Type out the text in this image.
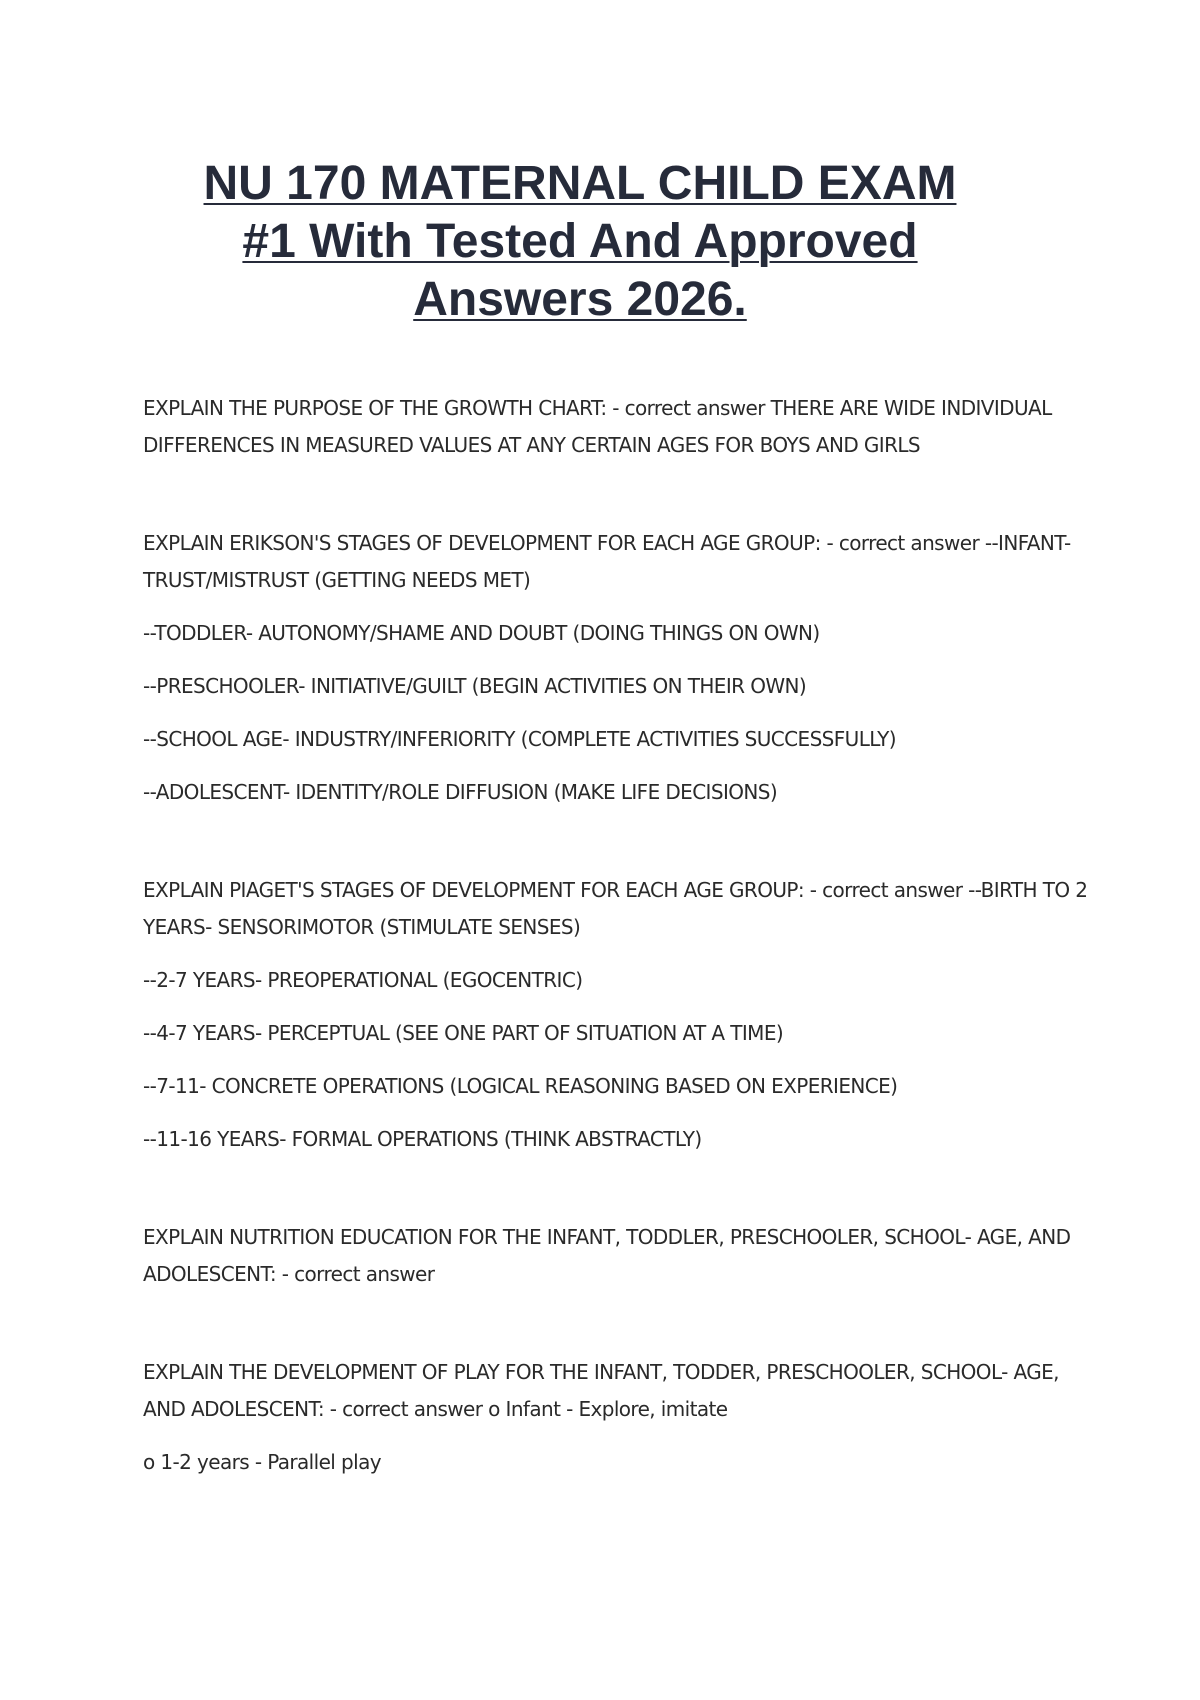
NU 170 MATERNAL CHILD EXAM #1 With Tested And Approved Answers 2026.

EXPLAIN THE PURPOSE OF THE GROWTH CHART: - correct answer THERE ARE WIDE INDIVIDUAL DIFFERENCES IN MEASURED VALUES AT ANY CERTAIN AGES FOR BOYS AND GIRLS

EXPLAIN ERIKSON'S STAGES OF DEVELOPMENT FOR EACH AGE GROUP: - correct answer --INFANT- TRUST/MISTRUST (GETTING NEEDS MET)

--TODDLER- AUTONOMY/SHAME AND DOUBT (DOING THINGS ON OWN)

--PRESCHOOLER- INITIATIVE/GUILT (BEGIN ACTIVITIES ON THEIR OWN)

--SCHOOL AGE- INDUSTRY/INFERIORITY (COMPLETE ACTIVITIES SUCCESSFULLY)

--ADOLESCENT- IDENTITY/ROLE DIFFUSION (MAKE LIFE DECISIONS)

EXPLAIN PIAGET'S STAGES OF DEVELOPMENT FOR EACH AGE GROUP: - correct answer --BIRTH TO 2 YEARS- SENSORIMOTOR (STIMULATE SENSES)

--2-7 YEARS- PREOPERATIONAL (EGOCENTRIC)

--4-7 YEARS- PERCEPTUAL (SEE ONE PART OF SITUATION AT A TIME)

--7-11- CONCRETE OPERATIONS (LOGICAL REASONING BASED ON EXPERIENCE)

--11-16 YEARS- FORMAL OPERATIONS (THINK ABSTRACTLY)

EXPLAIN NUTRITION EDUCATION FOR THE INFANT, TODDLER, PRESCHOOLER, SCHOOL- AGE, AND ADOLESCENT: - correct answer

EXPLAIN THE DEVELOPMENT OF PLAY FOR THE INFANT, TODDER, PRESCHOOLER, SCHOOL- AGE, AND ADOLESCENT: - correct answer o Infant - Explore, imitate

o 1-2 years - Parallel play
